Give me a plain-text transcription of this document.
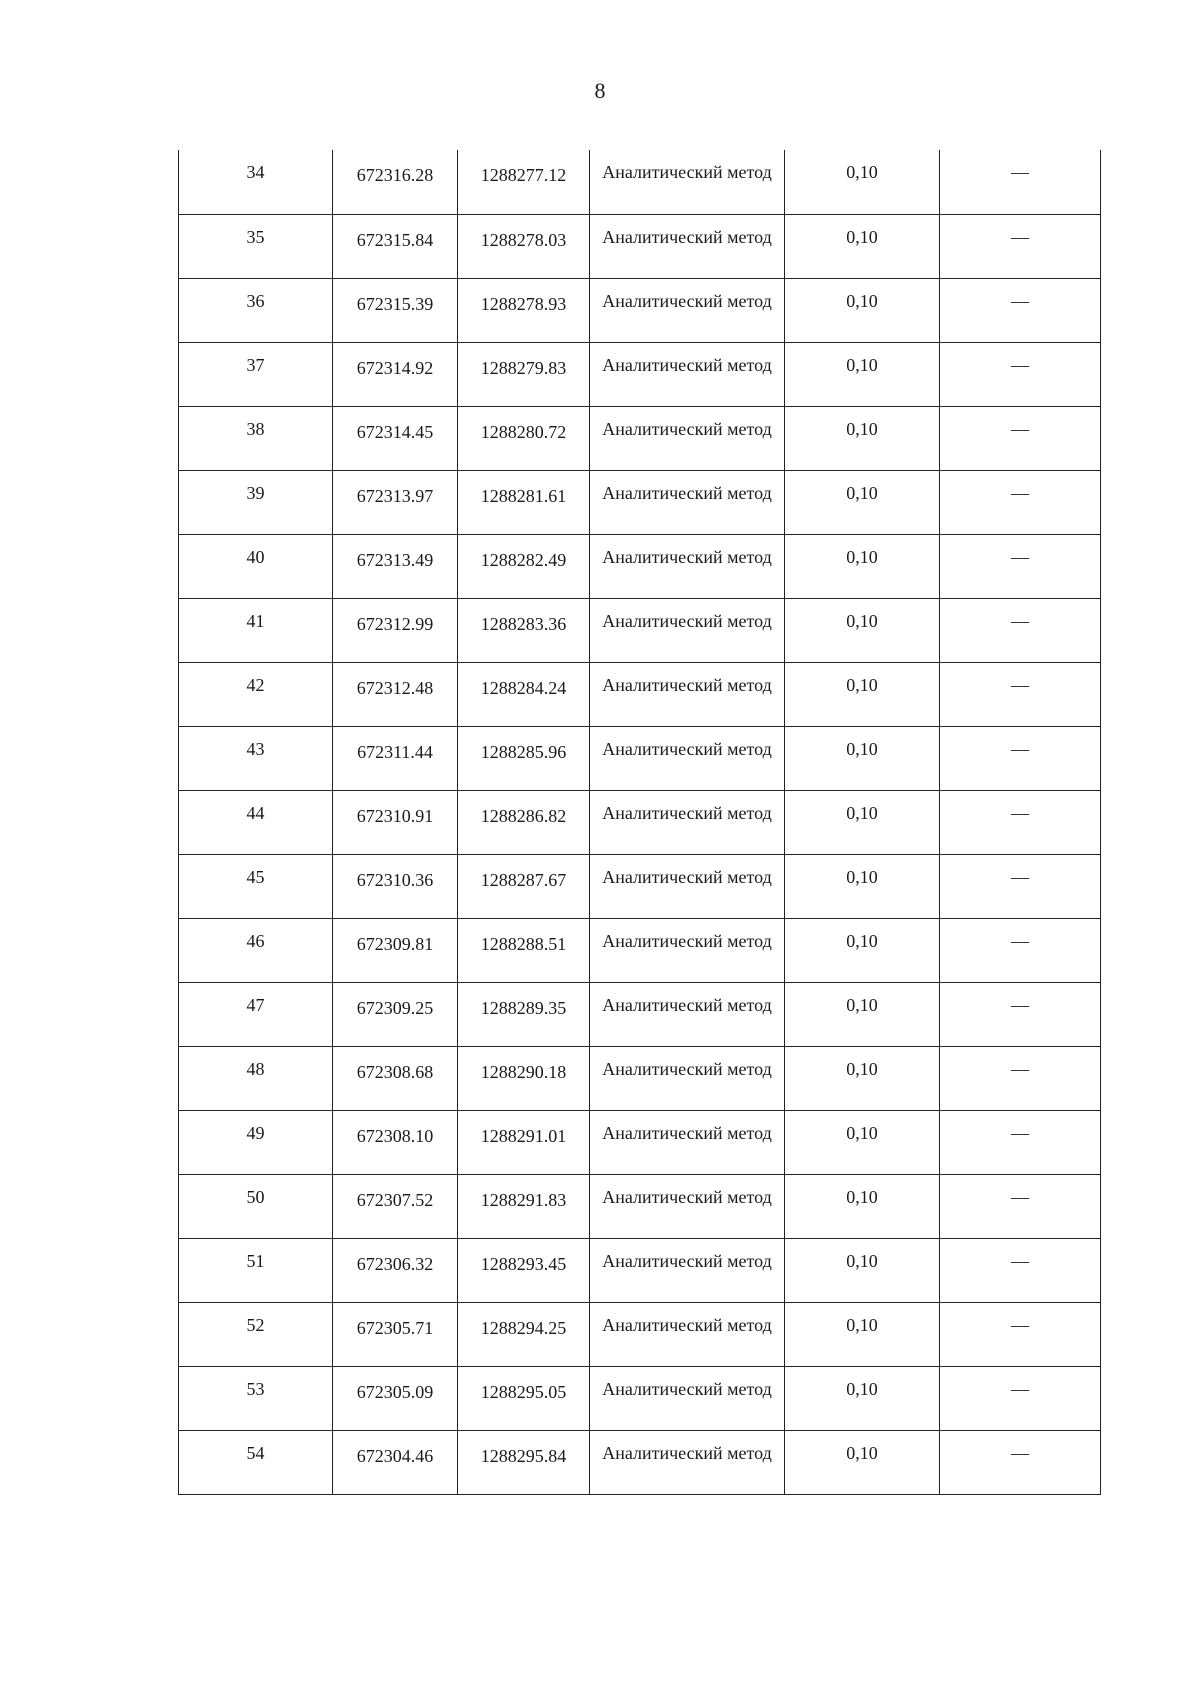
8
34	672316.28	1288277.12	Аналитический метод	0,10	—
35	672315.84	1288278.03	Аналитический метод	0,10	—
36	672315.39	1288278.93	Аналитический метод	0,10	—
37	672314.92	1288279.83	Аналитический метод	0,10	—
38	672314.45	1288280.72	Аналитический метод	0,10	—
39	672313.97	1288281.61	Аналитический метод	0,10	—
40	672313.49	1288282.49	Аналитический метод	0,10	—
41	672312.99	1288283.36	Аналитический метод	0,10	—
42	672312.48	1288284.24	Аналитический метод	0,10	—
43	672311.44	1288285.96	Аналитический метод	0,10	—
44	672310.91	1288286.82	Аналитический метод	0,10	—
45	672310.36	1288287.67	Аналитический метод	0,10	—
46	672309.81	1288288.51	Аналитический метод	0,10	—
47	672309.25	1288289.35	Аналитический метод	0,10	—
48	672308.68	1288290.18	Аналитический метод	0,10	—
49	672308.10	1288291.01	Аналитический метод	0,10	—
50	672307.52	1288291.83	Аналитический метод	0,10	—
51	672306.32	1288293.45	Аналитический метод	0,10	—
52	672305.71	1288294.25	Аналитический метод	0,10	—
53	672305.09	1288295.05	Аналитический метод	0,10	—
54	672304.46	1288295.84	Аналитический метод	0,10	—
